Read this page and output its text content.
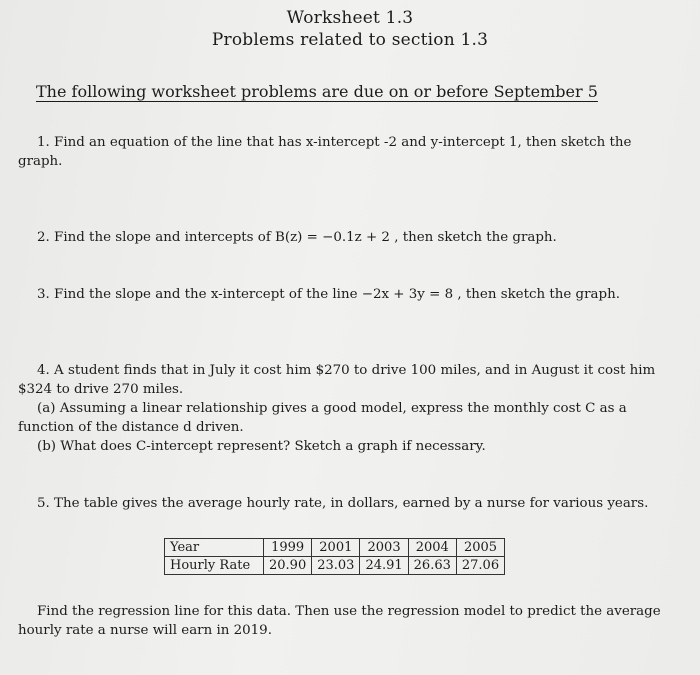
Worksheet 1.3
Problems related to section 1.3
The following worksheet problems are due on or before September 5
1. Find an equation of the line that has x-intercept -2 and y-intercept 1, then sketch the
graph.
2. Find the slope and intercepts of B(z) = −0.1z + 2 , then sketch the graph.
3. Find the slope and the x-intercept of the line −2x + 3y = 8 , then sketch the graph.
4. A student finds that in July it cost him $270 to drive 100 miles, and in August it cost him
$324 to drive 270 miles.
(a) Assuming a linear relationship gives a good model, express the monthly cost C as a
function of the distance d driven.
(b) What does C-intercept represent? Sketch a graph if necessary.
5. The table gives the average hourly rate, in dollars, earned by a nurse for various years.
Year	1999	2001	2003	2004	2005
Hourly Rate	20.90	23.03	24.91	26.63	27.06
Find the regression line for this data. Then use the regression model to predict the average
hourly rate a nurse will earn in 2019.
